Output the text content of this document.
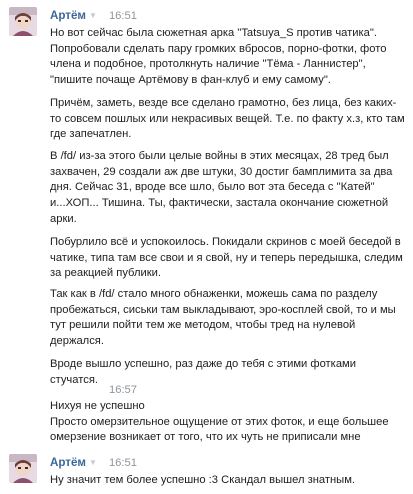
Артём ▼ 16:51
Но вот сейчас была сюжетная арка "Tatsuya_S против чатика".
Попробовали сделать пару громких вбросов, порно-фотки, фото
члена и подобное, протолкнуть наличие "Тёма - Ланнистер",
"пишите почаще Артёмову в фан-клуб и ему самому".
Причём, заметь, везде все сделано грамотно, без лица, без каких-
то совсем пошлых или некрасивых вещей. Т.е. по факту х.з, кто там
где запечатлен.
В /fd/ из-за этого были целые войны в этих месяцах, 28 тред был
захвачен, 29 создали аж две штуки, 30 достиг бамплимита за два
дня. Сейчас 31, вроде все шло, было вот эта беседа с "Катей"
и...ХОП... Тишина. Ты, фактически, застала окончание сюжетной
арки.
Побурлило всё и успокоилось. Покидали скринов с моей беседой в
чатике, типа там все свои и я свой, ну и теперь передышка, следим
за реакцией публики.
Так как в /fd/ стало много обнаженки, можешь сама по разделу
пробежаться, сиськи там выкладывают, эро-косплей свой, то и мы
тут решили пойти тем же методом, чтобы тред на нулевой
держался.
Вроде вышло успешно, раз даже до тебя с этими фотками стучатся.
16:57
Нихуя не успешно
Просто омерзительное ощущение от этих фоток, и еще большее
омерзение возникает от того, что их чуть не приписали мне
Артём ▼ 16:51
Ну значит тем более успешно :3 Скандал вышел знатным.
